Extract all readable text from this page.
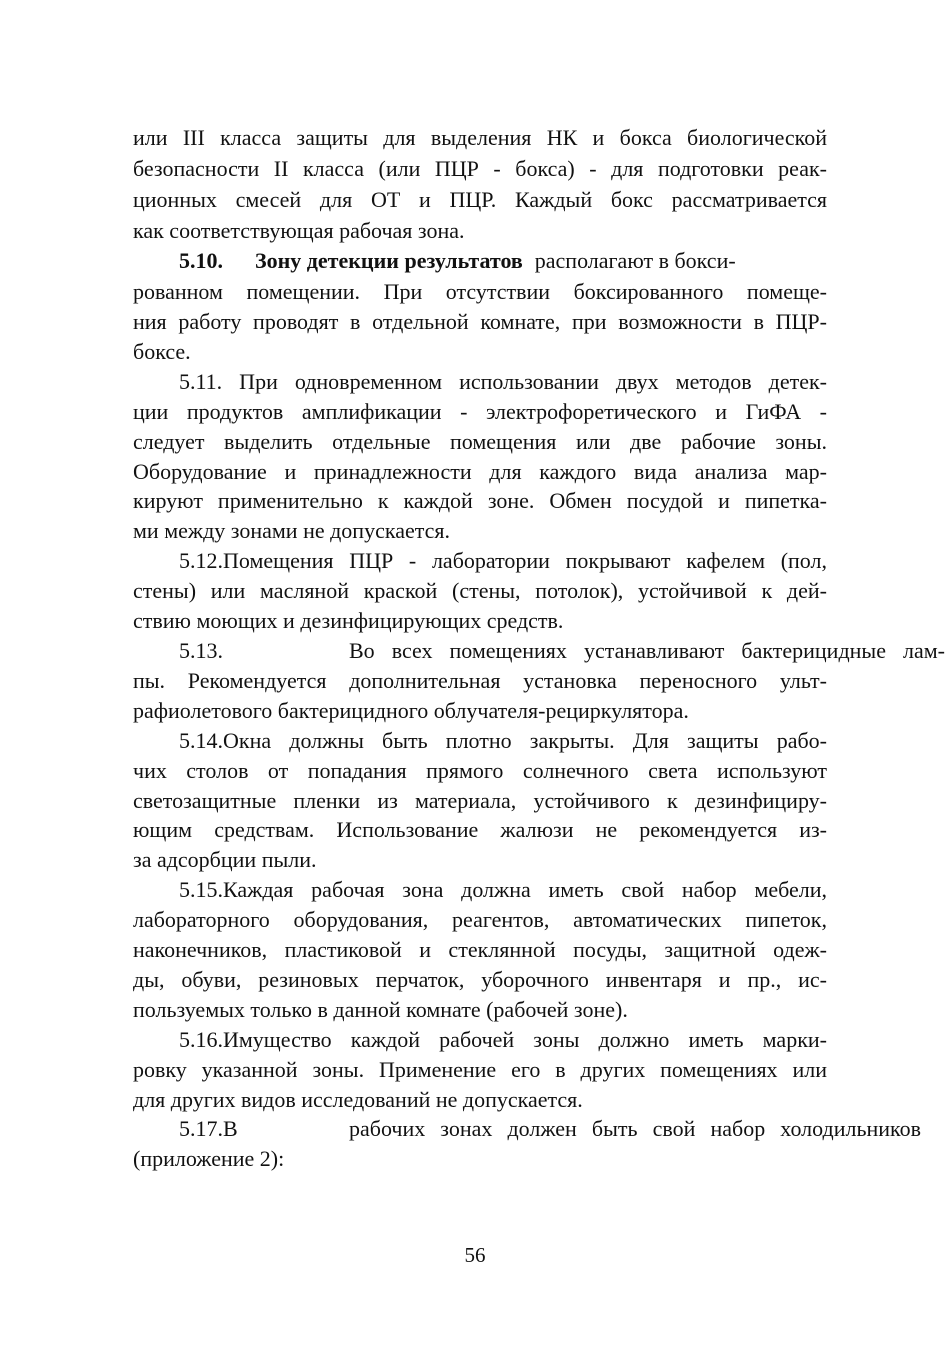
или III класса защиты для выделения НК и бокса биологической
безопасности II класса (или ПЦР - бокса) - для подготовки реак-
ционных смесей для ОТ и ПЦР. Каждый бокс рассматривается
как соответствующая рабочая зона.
5.10. Зону детекции результатов располагают в бокси-
рованном помещении. При отсутствии боксированного помеще-
ния работу проводят в отдельной комнате, при возможности в ПЦР-
боксе.
5.11. При одновременном использовании двух методов детек-
ции продуктов амплификации - электрофоретического и ГиФА -
следует выделить отдельные помещения или две рабочие зоны.
Оборудование и принадлежности для каждого вида анализа мар-
кируют применительно к каждой зоне. Обмен посудой и пипетка-
ми между зонами не допускается.
5.12.Помещения ПЦР - лаборатории покрывают кафелем (пол,
стены) или масляной краской (стены, потолок), устойчивой к дей-
ствию моющих и дезинфицирующих средств.
5.13.	Во всех помещениях устанавливают бактерицидные лам-
пы. Рекомендуется дополнительная установка переносного ульт-
рафиолетового бактерицидного облучателя-рециркулятора.
5.14.Окна должны быть плотно закрыты. Для защиты рабо-
чих столов от попадания прямого солнечного света используют
светозащитные пленки из материала, устойчивого к дезинфициру-
ющим средствам. Использование жалюзи не рекомендуется из-
за адсорбции пыли.
5.15.Каждая рабочая зона должна иметь свой набор мебели,
лабораторного оборудования, реагентов, автоматических пипеток,
наконечников, пластиковой и стеклянной посуды, защитной одеж-
ды, обуви, резиновых перчаток, уборочного инвентаря и пр., ис-
пользуемых только в данной комнате (рабочей зоне).
5.16.Имущество каждой рабочей зоны должно иметь марки-
ровку указанной зоны. Применение его в других помещениях или
для других видов исследований не допускается.
5.17.В	рабочих зонах должен быть свой набор холодильников
(приложение 2):
56
